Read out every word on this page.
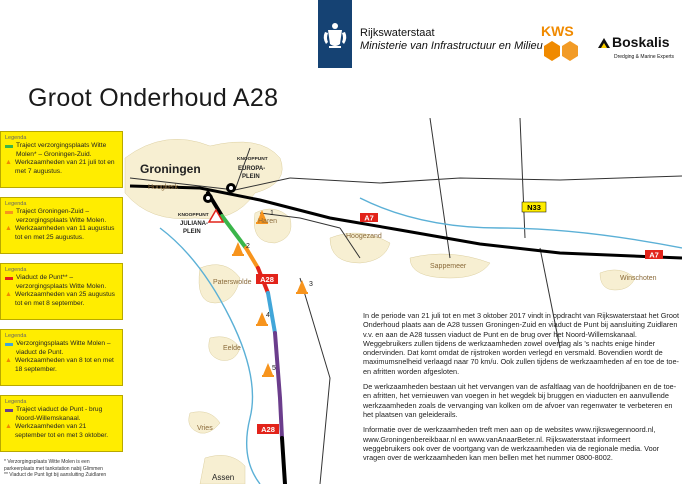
Rijkswaterstaat
Ministerie van Infrastructuur en Milieu
KWS
Boskalis
Dredging & Marine Experts
Groot Onderhoud A28
A7
A7
A28
A28
N33
1
2
3
4
5
Groningen
Hoogkerk
Haren
Hoogezand
Sappemeer
Winschoten
Paterswolde
Eelde
Vries
Assen
KNOOPPUNT
EUROPA-
PLEIN
KNOOPPUNT
JULIANA-
PLEIN
Legenda
Traject verzorgingsplaats Witte Molen* – Groningen-Zuid.
▲ Werkzaamheden van 21 juli tot en met 7 augustus.
Legenda
Traject Groningen-Zuid – verzorgingsplaats Witte Molen.
▲ Werkzaamheden van 11 augustus tot en met 25 augustus.
Legenda
Viaduct de Punt** – verzorgingsplaats Witte Molen.
▲ Werkzaamheden van 25 augustus tot en met 8 september.
Legenda
Verzorgingsplaats Witte Molen – viaduct de Punt.
▲ Werkzaamheden van 8 tot en met 18 september.
Legenda
Traject viaduct de Punt - brug Noord-Willemskanaal.
▲ Werkzaamheden van 21 september tot en met 3 oktober.
* Verzorgingsplaats Witte Molen is een parkeerplaats met tankstation nabij Glimmen
** Viaduct de Punt ligt bij aansluiting Zuidlaren

In de periode van 21 juli tot en met 3 oktober 2017 vindt in opdracht van Rijkswaterstaat het Groot Onderhoud plaats aan de A28 tussen Groningen-Zuid en viaduct de Punt bij aansluiting Zuidlaren v.v. en aan de A28 tussen viaduct de Punt en de brug over het Noord-Willemskanaal. Weggebruikers zullen tijdens de werkzaamheden zowel overdag als 's nachts enige hinder ondervinden. Dat komt omdat de rijstroken worden verlegd en versmald. Bovendien wordt de maximumsnelheid verlaagd naar 70 km/u. Ook zullen tijdens de werkzaamheden af en toe de toe- en afritten worden afgesloten.

De werkzaamheden bestaan uit het vervangen van de asfaltlaag van de hoofdrijbanen en de toe- en afritten, het vernieuwen van voegen in het wegdek bij bruggen en viaducten en aanvullende werkzaamheden zoals de vervanging van kolken om de afvoer van regenwater te verbeteren en het plaatsen van geleiderails.

Informatie over de werkzaamheden treft men aan op de websites www.rijkswegennoord.nl, www.Groningenbereikbaar.nl en www.vanAnaarBeter.nl. Rijkswaterstaat informeert weggebruikers ook over de voortgang van de werkzaamheden via de regionale media. Voor vragen over de werkzaamheden kan men bellen met het nummer 0800-8002.
